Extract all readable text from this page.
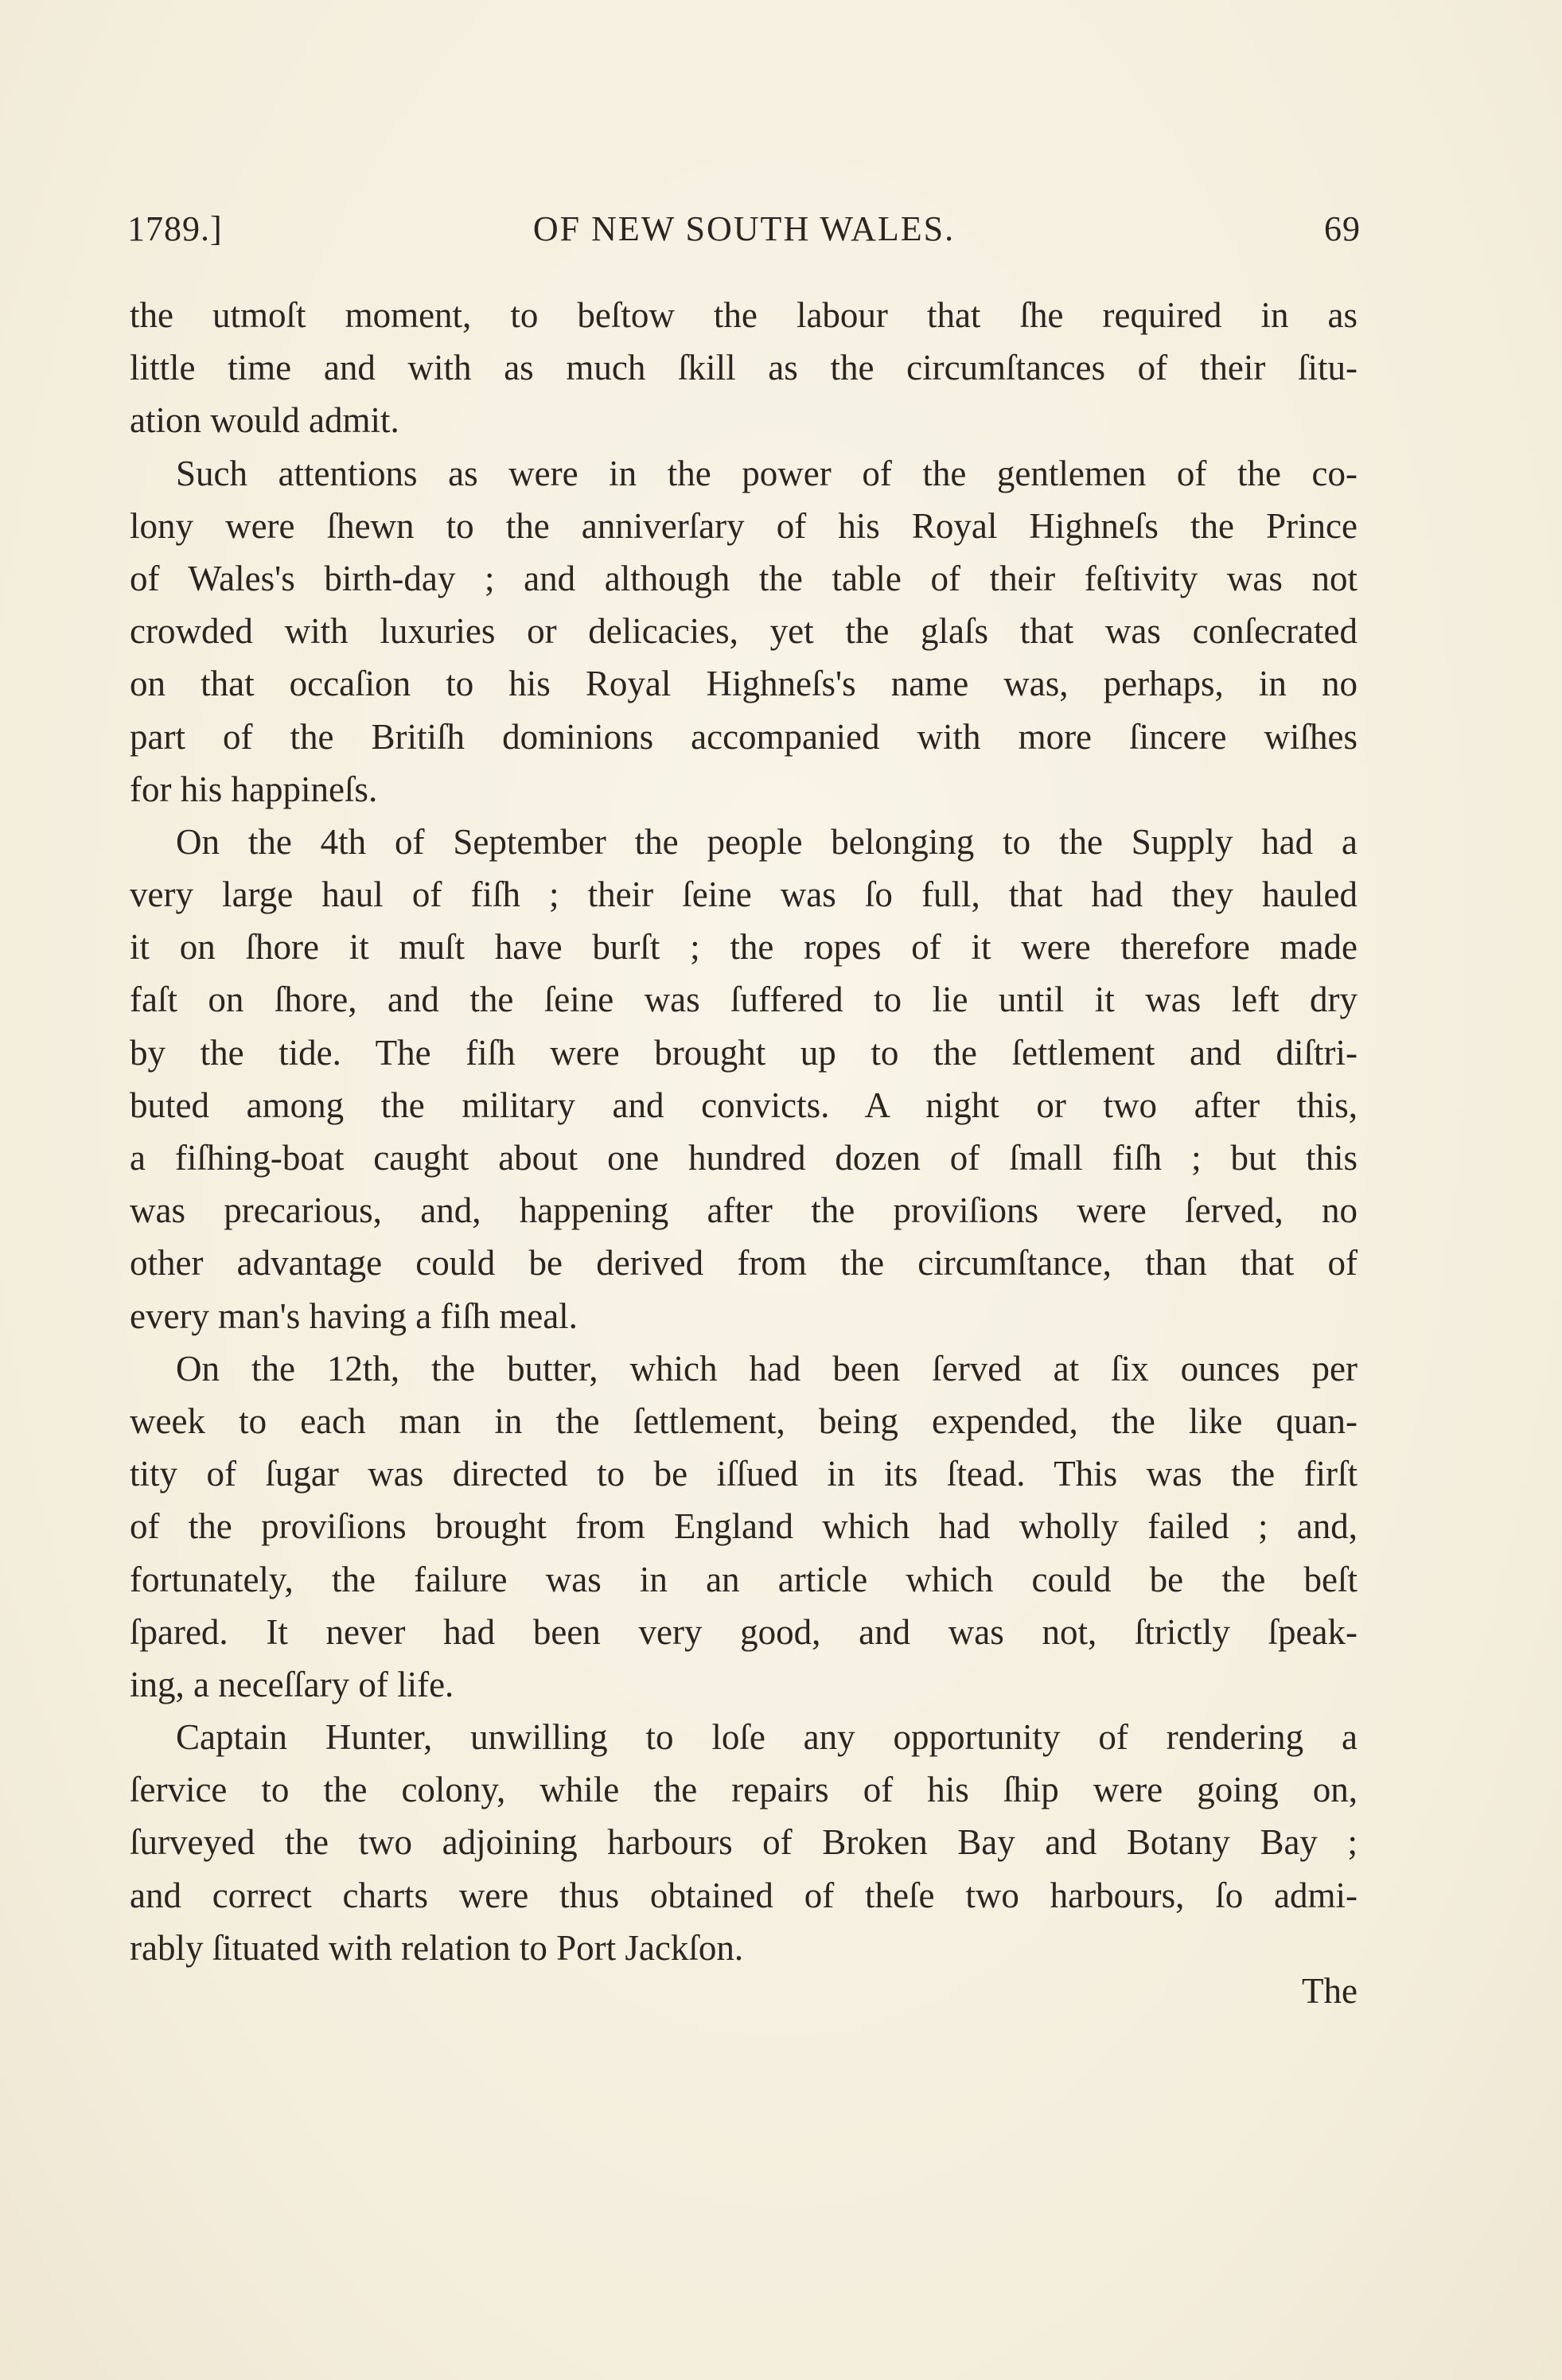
1789.]	OF NEW SOUTH WALES.	69
the utmoſt moment, to beſtow the labour that ſhe required in as
little time and with as much ſkill as the circumſtances of their ſitu-
ation would admit.
Such attentions as were in the power of the gentlemen of the co-
lony were ſhewn to the anniverſary of his Royal Highneſs the Prince
of Wales's birth-day ; and although the table of their feſtivity was not
crowded with luxuries or delicacies, yet the glaſs that was conſecrated
on that occaſion to his Royal Highneſs's name was, perhaps, in no
part of the Britiſh dominions accompanied with more ſincere wiſhes
for his happineſs.
On the 4th of September the people belonging to the Supply had a
very large haul of fiſh ; their ſeine was ſo full, that had they hauled
it on ſhore it muſt have burſt ; the ropes of it were therefore made
faſt on ſhore, and the ſeine was ſuffered to lie until it was left dry
by the tide. The fiſh were brought up to the ſettlement and diſtri-
buted among the military and convicts. A night or two after this,
a fiſhing-boat caught about one hundred dozen of ſmall fiſh ; but this
was precarious, and, happening after the proviſions were ſerved, no
other advantage could be derived from the circumſtance, than that of
every man's having a fiſh meal.
On the 12th, the butter, which had been ſerved at ſix ounces per
week to each man in the ſettlement, being expended, the like quan-
tity of ſugar was directed to be iſſued in its ſtead. This was the firſt
of the proviſions brought from England which had wholly failed ; and,
fortunately, the failure was in an article which could be the beſt
ſpared. It never had been very good, and was not, ſtrictly ſpeak-
ing, a neceſſary of life.
Captain Hunter, unwilling to loſe any opportunity of rendering a
ſervice to the colony, while the repairs of his ſhip were going on,
ſurveyed the two adjoining harbours of Broken Bay and Botany Bay ;
and correct charts were thus obtained of theſe two harbours, ſo admi-
rably ſituated with relation to Port Jackſon.
The
